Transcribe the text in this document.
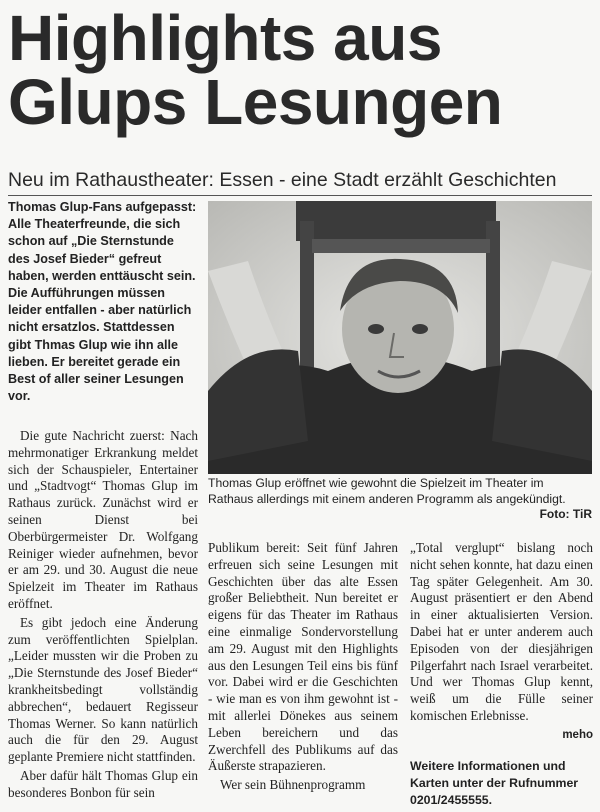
Highlights aus
Glups Lesungen
Neu im Rathaustheater: Essen - eine Stadt erzählt Geschichten
Thomas Glup-Fans aufgepasst: Alle Theaterfreunde, die sich schon auf „Die Sternstunde des Josef Bieder“ gefreut haben, werden enttäuscht sein. Die Aufführungen müssen leider entfallen - aber natürlich nicht ersatzlos. Stattdessen gibt Thmas Glup wie ihn alle lieben. Er bereitet gerade ein Best of aller seiner Lesungen vor.
Thomas Glup eröffnet wie gewohnt die Spielzeit im Theater im Rathaus allerdings mit einem anderen Programm als angekündigt.
Foto: TiR

Die gute Nachricht zuerst: Nach mehrmonatiger Erkrankung meldet sich der Schauspieler, Entertainer und „Stadtvogt“ Thomas Glup im Rathaus zurück. Zunächst wird er seinen Dienst bei Oberbürgermeister Dr. Wolfgang Reiniger wieder aufnehmen, bevor er am 29. und 30. August die neue Spielzeit im Theater im Rathaus eröffnet.

Es gibt jedoch eine Änderung zum veröffentlichten Spielplan. „Leider mussten wir die Proben zu „Die Sternstunde des Josef Bieder“ krankheitsbedingt vollständig abbrechen“, bedauert Regisseur Thomas Werner. So kann natürlich auch die für den 29. August geplante Premiere nicht stattfinden.

Aber dafür hält Thomas Glup ein besonderes Bonbon für sein

Publikum bereit: Seit fünf Jahren erfreuen sich seine Lesungen mit Geschichten über das alte Essen großer Beliebtheit. Nun bereitet er eigens für das Theater im Rathaus eine einmalige Sondervorstellung am 29. August mit den Highlights aus den Lesungen Teil eins bis fünf vor. Dabei wird er die Geschichten - wie man es von ihm gewohnt ist - mit allerlei Dönekes aus seinem Leben bereichern und das Zwerchfell des Publikums auf das Äußerste strapazieren.

Wer sein Bühnenprogramm

„Total verglupt“ bislang noch nicht sehen konnte, hat dazu einen Tag später Gelegenheit. Am 30. August präsentiert er den Abend in einer aktualisierten Version. Dabei hat er unter anderem auch Episoden von der diesjährigen Pilgerfahrt nach Israel verarbeitet. Und wer Thomas Glup kennt, weiß um die Fülle seiner komischen Erlebnisse.

meho

Weitere Informationen und Karten unter der Rufnummer 0201/2455555.
